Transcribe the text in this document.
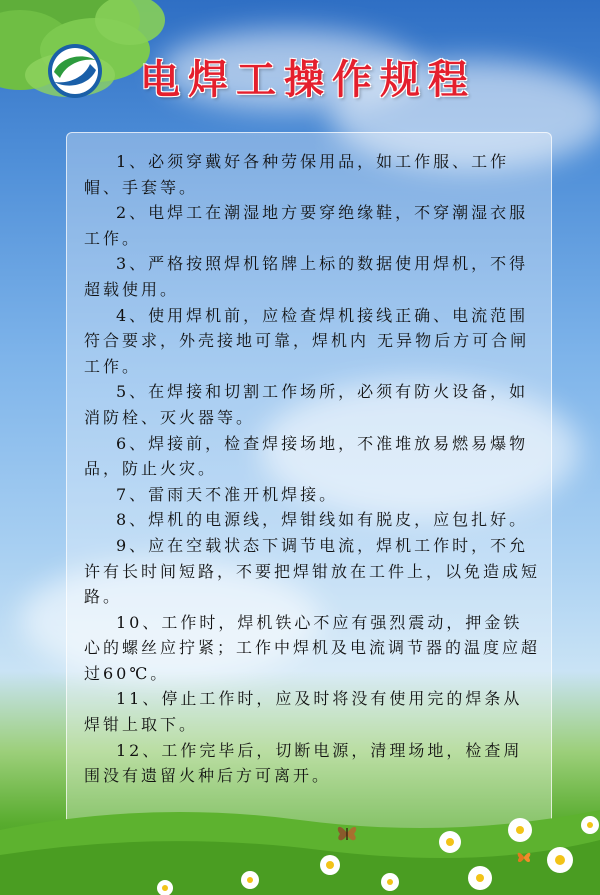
电焊工操作规程
1、必须穿戴好各种劳保用品，如工作服、工作帽、手套等。
2、电焊工在潮湿地方要穿绝缘鞋，不穿潮湿衣服工作。
3、严格按照焊机铭牌上标的数据使用焊机，不得超载使用。
4、使用焊机前，应检查焊机接线正确、电流范围符合要求，外壳接地可靠，焊机内 无异物后方可合闸工作。
5、在焊接和切割工作场所，必须有防火设备，如消防栓、灭火器等。
6、焊接前，检查焊接场地，不准堆放易燃易爆物品，防止火灾。
7、雷雨天不准开机焊接。
8、焊机的电源线，焊钳线如有脱皮，应包扎好。
9、应在空载状态下调节电流，焊机工作时，不允许有长时间短路，不要把焊钳放在工件上，以免造成短路。
10、工作时，焊机铁心不应有强烈震动，押金铁心的螺丝应拧紧；工作中焊机及电流调节器的温度应超过60℃。
11、停止工作时，应及时将没有使用完的焊条从焊钳上取下。
12、工作完毕后，切断电源，清理场地，检查周围没有遗留火种后方可离开。
